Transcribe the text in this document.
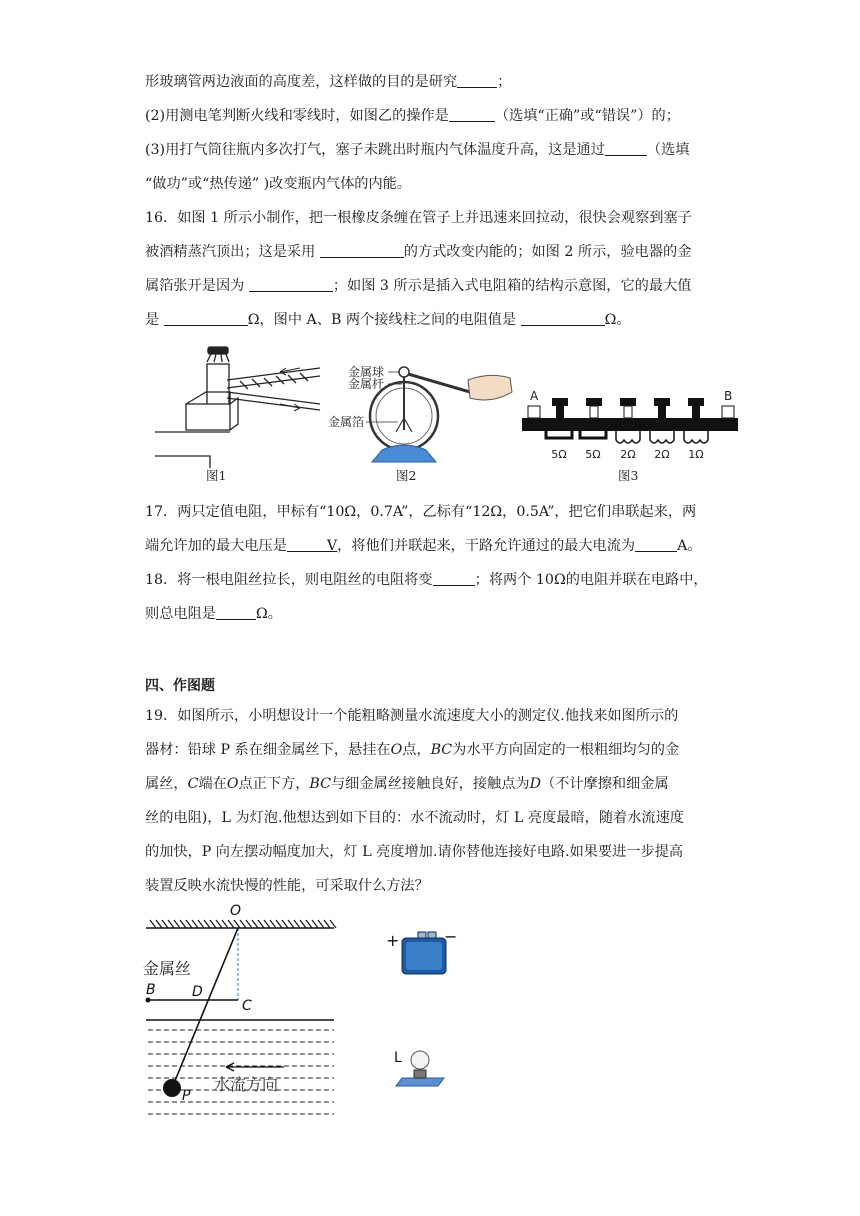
形玻璃管两边液面的高度差，这样做的目的是研究	；
(2)用测电笔判断火线和零线时，如图乙的操作是	（选填“正确”或“错误”）的；
(3)用打气筒往瓶内多次打气，塞子未跳出时瓶内气体温度升高，这是通过	（选填
“做功”或“热传递” )改变瓶内气体的内能。
16．如图 1 所示小制作，把一根橡皮条缠在管子上并迅速来回拉动，很快会观察到塞子
被酒精蒸汽顶出；这是采用	的方式改变内能的；如图 2 所示，验电器的金
属箔张开是因为	；如图 3 所示是插入式电阻箱的结构示意图，它的最大值
是	Ω，图中 A、B 两个接线柱之间的电阻值是	Ω。
金属球
金属杆
金属箔
A	B
5Ω 5Ω 2Ω 2Ω 1Ω
图1	图2	图3
17．两只定值电阻，甲标有“10Ω，0.7A”，乙标有“12Ω，0.5A”，把它们串联起来，两
端允许加的最大电压是	V，将他们并联起来，干路允许通过的最大电流为	A。
18．将一根电阻丝拉长，则电阻丝的电阻将变	；将两个 10Ω的电阻并联在电路中，
则总电阻是	Ω。
四、作图题
19．如图所示，小明想设计一个能粗略测量水流速度大小的测定仪.他找来如图所示的
器材：铅球 P 系在细金属丝下，悬挂在O点，BC为水平方向固定的一根粗细均匀的金
属丝，C端在O点正下方，BC与细金属丝接触良好，接触点为D（不计摩擦和细金属
丝的电阻)，L 为灯泡.他想达到如下目的：水不流动时，灯 L 亮度最暗，随着水流速度
的加快，P 向左摆动幅度加大，灯 L 亮度增加.请你替他连接好电路.如果要进一步提高
装置反映水流快慢的性能，可采取什么方法？
O
金属丝
B	D
C
P
水流方向
+	−
L
